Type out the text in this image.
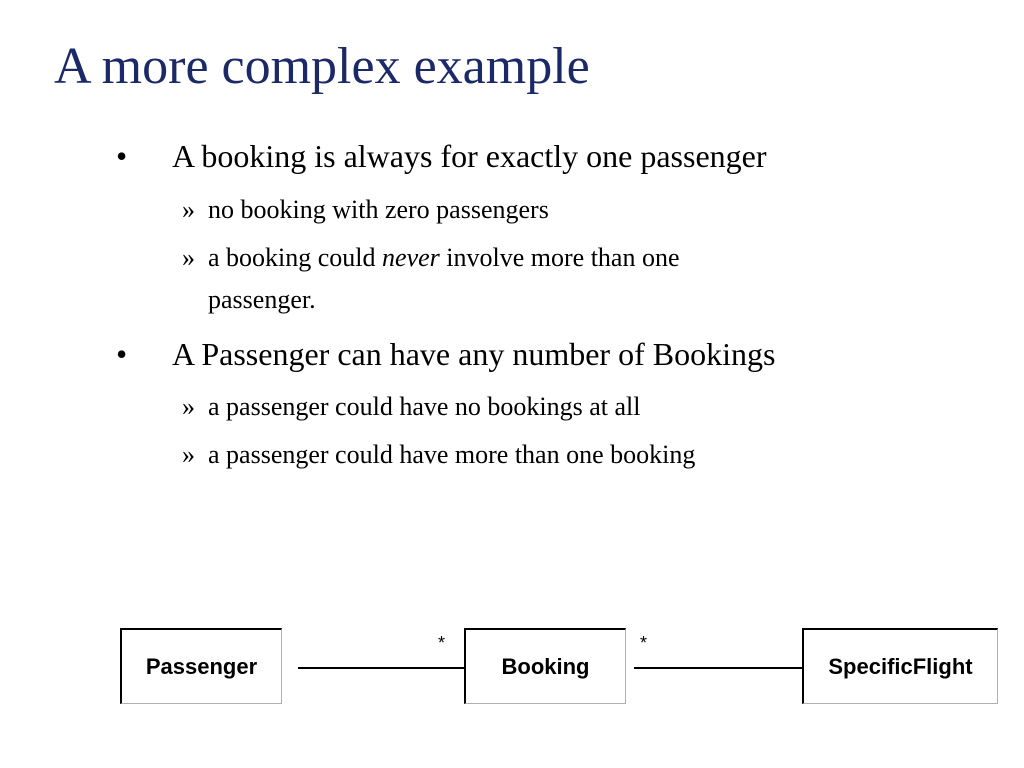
A more complex example
• A booking is always for exactly one passenger
» no booking with zero passengers
» a booking could never involve more than one
passenger.
• A Passenger can have any number of Bookings
» a passenger could have no bookings at all
» a passenger could have more than one booking
Passenger
*
Booking
*
SpecificFlight
